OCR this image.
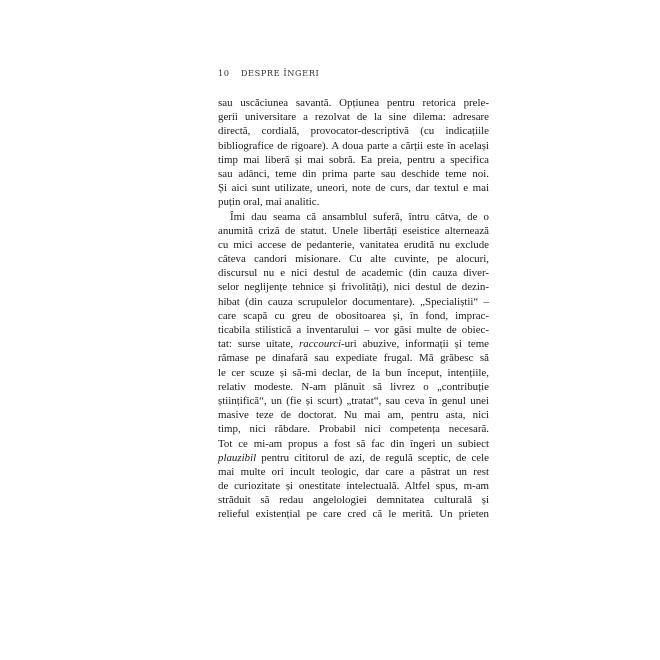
10 DESPRE ÎNGERI
sau uscăciunea savantă. Opțiunea pentru retorica prele-
gerii universitare a rezolvat de la sine dilema: adresare
directă, cordială, provocator-descriptivă (cu indicațiile
bibliografice de rigoare). A doua parte a cărții este în același
timp mai liberă și mai sobră. Ea preia, pentru a specifica
sau adânci, teme din prima parte sau deschide teme noi.
Și aici sunt utilizate, uneori, note de curs, dar textul e mai
puțin oral, mai analitic.
Îmi dau seama că ansamblul suferă, întru câtva, de o
anumită criză de statut. Unele libertăți eseistice alternează
cu mici accese de pedanterie, vanitatea erudită nu exclude
câteva candori misionare. Cu alte cuvinte, pe alocuri,
discursul nu e nici destul de academic (din cauza diver-
selor neglijențe tehnice și frivolități), nici destul de dezin-
hibat (din cauza scrupulelor documentare). „Specialiștii“ –
care scapă cu greu de obositoarea și, în fond, imprac-
ticabila stilistică a inventarului – vor găsi multe de obiec-
tat: surse uitate, raccourci-uri abuzive, informații și teme
rămase pe dinafară sau expediate frugal. Mă grăbesc să
le cer scuze și să-mi declar, de la bun început, intențiile,
relativ modeste. N-am plănuit să livrez o „contribuție
științifică“, un (fie și scurt) „tratat“, sau ceva în genul unei
masive teze de doctorat. Nu mai am, pentru asta, nici
timp, nici răbdare. Probabil nici competența necesară.
Tot ce mi-am propus a fost să fac din îngeri un subiect
plauzibil pentru cititorul de azi, de regulă sceptic, de cele
mai multe ori incult teologic, dar care a păstrat un rest
de curiozitate și onestitate intelectuală. Altfel spus, m-am
străduit să redau angelologiei demnitatea culturală și
relieful existențial pe care cred că le merită. Un prieten
